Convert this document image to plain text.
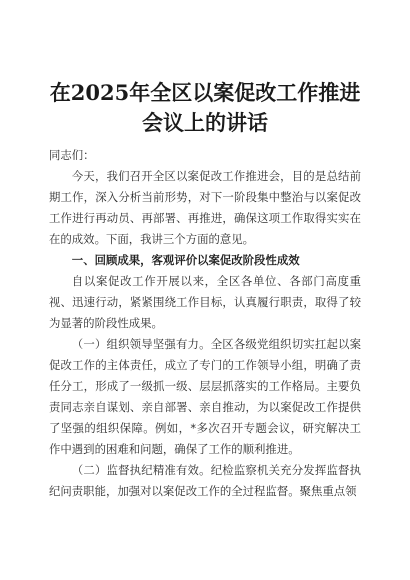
在2025年全区以案促改工作推进会议上的讲话

同志们：

今天，我们召开全区以案促改工作推进会，目的是总结前期工作，深入分析当前形势，对下一阶段集中整治与以案促改工作进行再动员、再部署、再推进，确保这项工作取得实实在在的成效。下面，我讲三个方面的意见。

一、回顾成果，客观评价以案促改阶段性成效

自以案促改工作开展以来，全区各单位、各部门高度重视、迅速行动，紧紧围绕工作目标，认真履行职责，取得了较为显著的阶段性成果。

（一）组织领导坚强有力。全区各级党组织切实扛起以案促改工作的主体责任，成立了专门的工作领导小组，明确了责任分工，形成了一级抓一级、层层抓落实的工作格局。主要负责同志亲自谋划、亲自部署、亲自推动，为以案促改工作提供了坚强的组织保障。例如，*多次召开专题会议，研究解决工作中遇到的困难和问题，确保了工作的顺利推进。

（二）监督执纪精准有效。纪检监察机关充分发挥监督执纪问责职能，加强对以案促改工作的全过程监督。聚焦重点领
